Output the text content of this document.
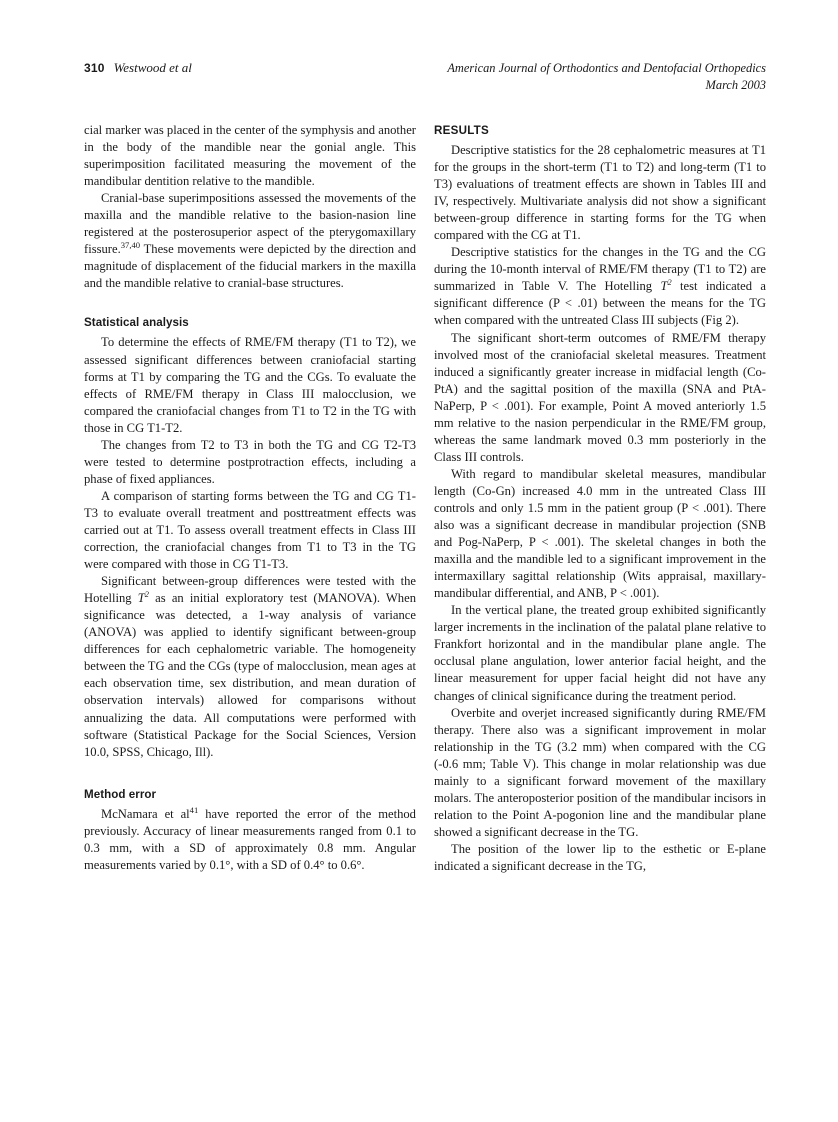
310 Westwood et al	American Journal of Orthodontics and Dentofacial Orthopedics
March 2003

cial marker was placed in the center of the symphysis and another in the body of the mandible near the gonial angle. This superimposition facilitated measuring the movement of the mandibular dentition relative to the mandible.

Cranial-base superimpositions assessed the movements of the maxilla and the mandible relative to the basion-nasion line registered at the posterosuperior aspect of the pterygomaxillary fissure.$^{37,40}$ These movements were depicted by the direction and magnitude of displacement of the fiducial markers in the maxilla and the mandible relative to cranial-base structures.

Statistical analysis

To determine the effects of RME/FM therapy (T1 to T2), we assessed significant differences between craniofacial starting forms at T1 by comparing the TG and the CGs. To evaluate the effects of RME/FM therapy in Class III malocclusion, we compared the craniofacial changes from T1 to T2 in the TG with those in CG T1-T2.

The changes from T2 to T3 in both the TG and CG T2-T3 were tested to determine postprotraction effects, including a phase of fixed appliances.

A comparison of starting forms between the TG and CG T1-T3 to evaluate overall treatment and posttreatment effects was carried out at T1. To assess overall treatment effects in Class III correction, the craniofacial changes from T1 to T3 in the TG were compared with those in CG T1-T3.

Significant between-group differences were tested with the Hotelling $T^2$ as an initial exploratory test (MANOVA). When significance was detected, a 1-way analysis of variance (ANOVA) was applied to identify significant between-group differences for each cephalometric variable. The homogeneity between the TG and the CGs (type of malocclusion, mean ages at each observation time, sex distribution, and mean duration of observation intervals) allowed for comparisons without annualizing the data. All computations were performed with software (Statistical Package for the Social Sciences, Version 10.0, SPSS, Chicago, Ill).

Method error

McNamara et al$^{41}$ have reported the error of the method previously. Accuracy of linear measurements ranged from 0.1 to 0.3 mm, with a SD of approximately 0.8 mm. Angular measurements varied by 0.1°, with a SD of 0.4° to 0.6°.

RESULTS

Descriptive statistics for the 28 cephalometric measures at T1 for the groups in the short-term (T1 to T2) and long-term (T1 to T3) evaluations of treatment effects are shown in Tables III and IV, respectively. Multivariate analysis did not show a significant between-group difference in starting forms for the TG when compared with the CG at T1.

Descriptive statistics for the changes in the TG and the CG during the 10-month interval of RME/FM therapy (T1 to T2) are summarized in Table V. The Hotelling $T^2$ test indicated a significant difference (P < .01) between the means for the TG when compared with the untreated Class III subjects (Fig 2).

The significant short-term outcomes of RME/FM therapy involved most of the craniofacial skeletal measures. Treatment induced a significantly greater increase in midfacial length (Co-PtA) and the sagittal position of the maxilla (SNA and PtA-NaPerp, P < .001). For example, Point A moved anteriorly 1.5 mm relative to the nasion perpendicular in the RME/FM group, whereas the same landmark moved 0.3 mm posteriorly in the Class III controls.

With regard to mandibular skeletal measures, mandibular length (Co-Gn) increased 4.0 mm in the untreated Class III controls and only 1.5 mm in the patient group (P < .001). There also was a significant decrease in mandibular projection (SNB and Pog-NaPerp, P < .001). The skeletal changes in both the maxilla and the mandible led to a significant improvement in the intermaxillary sagittal relationship (Wits appraisal, maxillary-mandibular differential, and ANB, P < .001).

In the vertical plane, the treated group exhibited significantly larger increments in the inclination of the palatal plane relative to Frankfort horizontal and in the mandibular plane angle. The occlusal plane angulation, lower anterior facial height, and the linear measurement for upper facial height did not have any changes of clinical significance during the treatment period.

Overbite and overjet increased significantly during RME/FM therapy. There also was a significant improvement in molar relationship in the TG (3.2 mm) when compared with the CG (-0.6 mm; Table V). This change in molar relationship was due mainly to a significant forward movement of the maxillary molars. The anteroposterior position of the mandibular incisors in relation to the Point A-pogonion line and the mandibular plane showed a significant decrease in the TG.

The position of the lower lip to the esthetic or E-plane indicated a significant decrease in the TG,
